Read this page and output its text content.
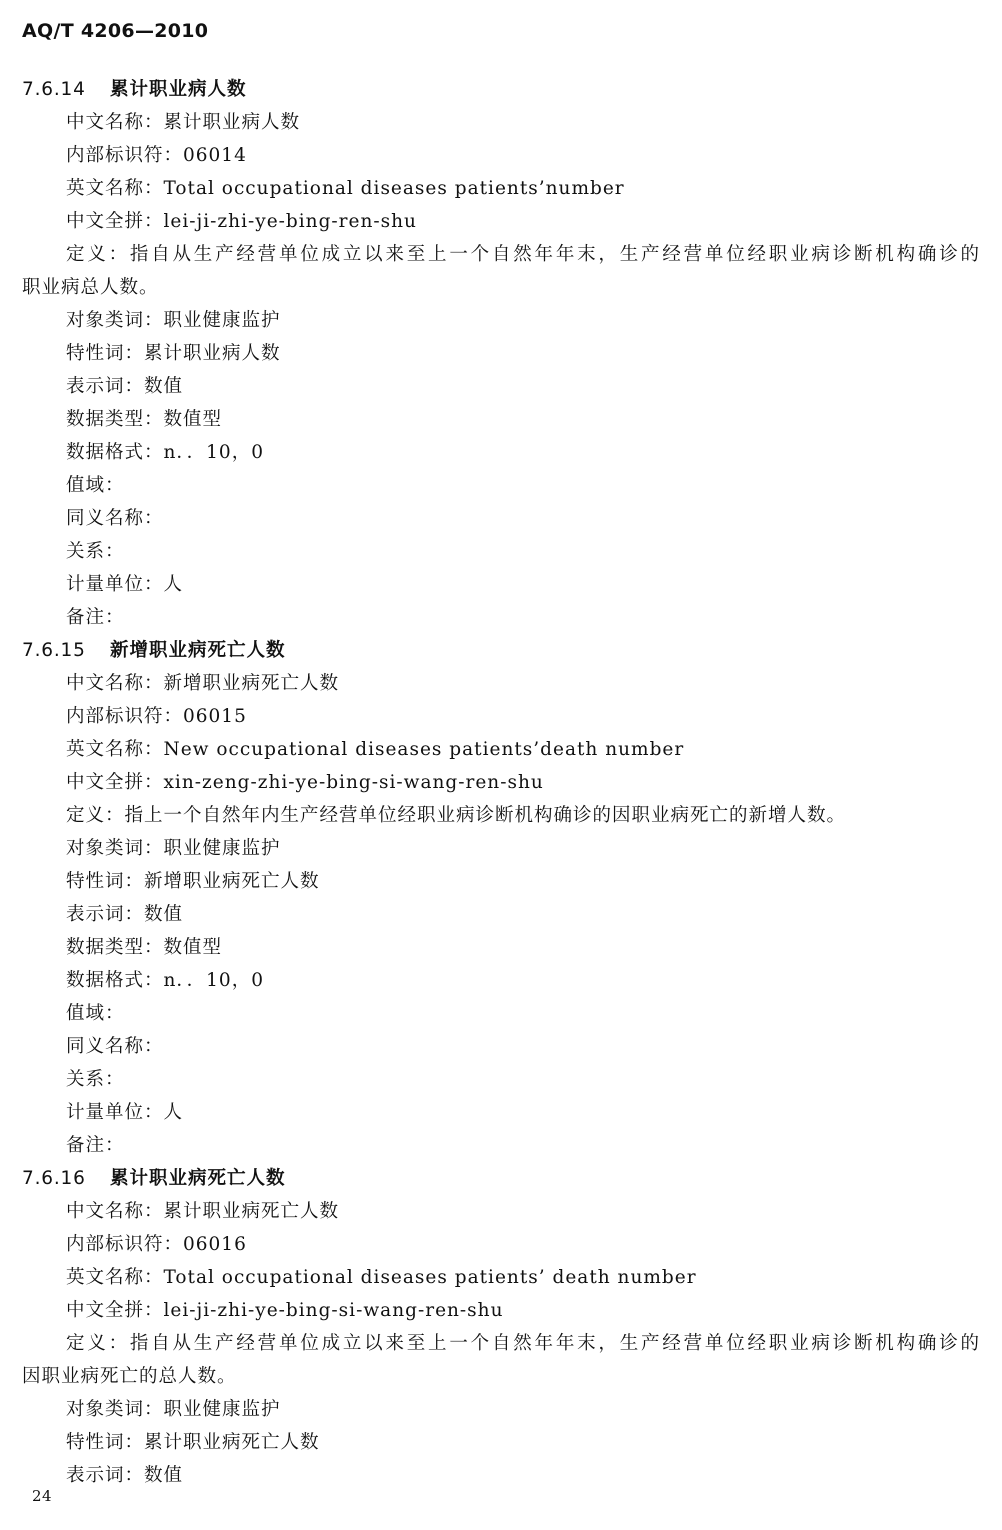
AQ/T 4206—2010
7.6.14 累计职业病人数
中文名称：累计职业病人数
内部标识符：06014
英文名称：Total occupational diseases patients’number
中文全拼：lei-ji-zhi-ye-bing-ren-shu
定义：指自从生产经营单位成立以来至上一个自然年年末，生产经营单位经职业病诊断机构确诊的
职业病总人数。
对象类词：职业健康监护
特性词：累计职业病人数
表示词：数值
数据类型：数值型
数据格式：n．．10，0
值域：
同义名称：
关系：
计量单位：人
备注：
7.6.15 新增职业病死亡人数
中文名称：新增职业病死亡人数
内部标识符：06015
英文名称：New occupational diseases patients’death number
中文全拼：xin-zeng-zhi-ye-bing-si-wang-ren-shu
定义：指上一个自然年内生产经营单位经职业病诊断机构确诊的因职业病死亡的新增人数。
对象类词：职业健康监护
特性词：新增职业病死亡人数
表示词：数值
数据类型：数值型
数据格式：n．．10，0
值域：
同义名称：
关系：
计量单位：人
备注：
7.6.16 累计职业病死亡人数
中文名称：累计职业病死亡人数
内部标识符：06016
英文名称：Total occupational diseases patients’ death number
中文全拼：lei-ji-zhi-ye-bing-si-wang-ren-shu
定义：指自从生产经营单位成立以来至上一个自然年年末，生产经营单位经职业病诊断机构确诊的
因职业病死亡的总人数。
对象类词：职业健康监护
特性词：累计职业病死亡人数
表示词：数值
24
